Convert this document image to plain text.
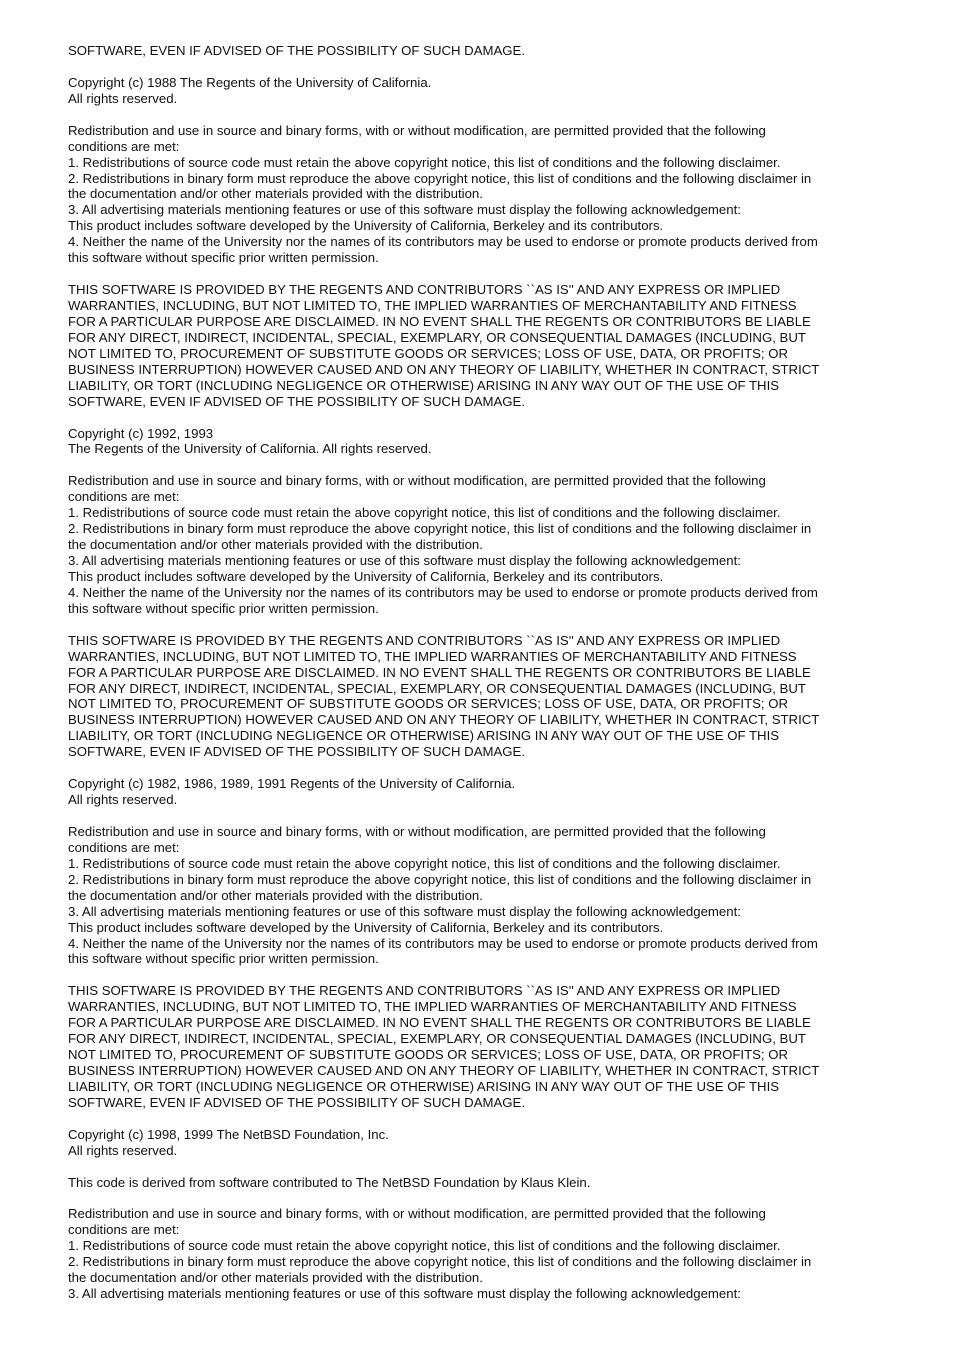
SOFTWARE, EVEN IF ADVISED OF THE POSSIBILITY OF SUCH DAMAGE.
Copyright (c) 1988 The Regents of the University of California.
All rights reserved.
Redistribution and use in source and binary forms, with or without modification, are permitted provided that the following
conditions are met:
1. Redistributions of source code must retain the above copyright notice, this list of conditions and the following disclaimer.
2. Redistributions in binary form must reproduce the above copyright notice, this list of conditions and the following disclaimer in
the documentation and/or other materials provided with the distribution.
3. All advertising materials mentioning features or use of this software must display the following acknowledgement:
This product includes software developed by the University of California, Berkeley and its contributors.
4. Neither the name of the University nor the names of its contributors may be used to endorse or promote products derived from
this software without specific prior written permission.
THIS SOFTWARE IS PROVIDED BY THE REGENTS AND CONTRIBUTORS ``AS IS'' AND ANY EXPRESS OR IMPLIED
WARRANTIES, INCLUDING, BUT NOT LIMITED TO, THE IMPLIED WARRANTIES OF MERCHANTABILITY AND FITNESS
FOR A PARTICULAR PURPOSE ARE DISCLAIMED. IN NO EVENT SHALL THE REGENTS OR CONTRIBUTORS BE LIABLE
FOR ANY DIRECT, INDIRECT, INCIDENTAL, SPECIAL, EXEMPLARY, OR CONSEQUENTIAL DAMAGES (INCLUDING, BUT
NOT LIMITED TO, PROCUREMENT OF SUBSTITUTE GOODS OR SERVICES; LOSS OF USE, DATA, OR PROFITS; OR
BUSINESS INTERRUPTION) HOWEVER CAUSED AND ON ANY THEORY OF LIABILITY, WHETHER IN CONTRACT, STRICT
LIABILITY, OR TORT (INCLUDING NEGLIGENCE OR OTHERWISE) ARISING IN ANY WAY OUT OF THE USE OF THIS
SOFTWARE, EVEN IF ADVISED OF THE POSSIBILITY OF SUCH DAMAGE.
Copyright (c) 1992, 1993
The Regents of the University of California. All rights reserved.
Redistribution and use in source and binary forms, with or without modification, are permitted provided that the following
conditions are met:
1. Redistributions of source code must retain the above copyright notice, this list of conditions and the following disclaimer.
2. Redistributions in binary form must reproduce the above copyright notice, this list of conditions and the following disclaimer in
the documentation and/or other materials provided with the distribution.
3. All advertising materials mentioning features or use of this software must display the following acknowledgement:
This product includes software developed by the University of California, Berkeley and its contributors.
4. Neither the name of the University nor the names of its contributors may be used to endorse or promote products derived from
this software without specific prior written permission.
THIS SOFTWARE IS PROVIDED BY THE REGENTS AND CONTRIBUTORS ``AS IS'' AND ANY EXPRESS OR IMPLIED
WARRANTIES, INCLUDING, BUT NOT LIMITED TO, THE IMPLIED WARRANTIES OF MERCHANTABILITY AND FITNESS
FOR A PARTICULAR PURPOSE ARE DISCLAIMED. IN NO EVENT SHALL THE REGENTS OR CONTRIBUTORS BE LIABLE
FOR ANY DIRECT, INDIRECT, INCIDENTAL, SPECIAL, EXEMPLARY, OR CONSEQUENTIAL DAMAGES (INCLUDING, BUT
NOT LIMITED TO, PROCUREMENT OF SUBSTITUTE GOODS OR SERVICES; LOSS OF USE, DATA, OR PROFITS; OR
BUSINESS INTERRUPTION) HOWEVER CAUSED AND ON ANY THEORY OF LIABILITY, WHETHER IN CONTRACT, STRICT
LIABILITY, OR TORT (INCLUDING NEGLIGENCE OR OTHERWISE) ARISING IN ANY WAY OUT OF THE USE OF THIS
SOFTWARE, EVEN IF ADVISED OF THE POSSIBILITY OF SUCH DAMAGE.
Copyright (c) 1982, 1986, 1989, 1991 Regents of the University of California.
All rights reserved.
Redistribution and use in source and binary forms, with or without modification, are permitted provided that the following
conditions are met:
1. Redistributions of source code must retain the above copyright notice, this list of conditions and the following disclaimer.
2. Redistributions in binary form must reproduce the above copyright notice, this list of conditions and the following disclaimer in
the documentation and/or other materials provided with the distribution.
3. All advertising materials mentioning features or use of this software must display the following acknowledgement:
This product includes software developed by the University of California, Berkeley and its contributors.
4. Neither the name of the University nor the names of its contributors may be used to endorse or promote products derived from
this software without specific prior written permission.
THIS SOFTWARE IS PROVIDED BY THE REGENTS AND CONTRIBUTORS ``AS IS'' AND ANY EXPRESS OR IMPLIED
WARRANTIES, INCLUDING, BUT NOT LIMITED TO, THE IMPLIED WARRANTIES OF MERCHANTABILITY AND FITNESS
FOR A PARTICULAR PURPOSE ARE DISCLAIMED. IN NO EVENT SHALL THE REGENTS OR CONTRIBUTORS BE LIABLE
FOR ANY DIRECT, INDIRECT, INCIDENTAL, SPECIAL, EXEMPLARY, OR CONSEQUENTIAL DAMAGES (INCLUDING, BUT
NOT LIMITED TO, PROCUREMENT OF SUBSTITUTE GOODS OR SERVICES; LOSS OF USE, DATA, OR PROFITS; OR
BUSINESS INTERRUPTION) HOWEVER CAUSED AND ON ANY THEORY OF LIABILITY, WHETHER IN CONTRACT, STRICT
LIABILITY, OR TORT (INCLUDING NEGLIGENCE OR OTHERWISE) ARISING IN ANY WAY OUT OF THE USE OF THIS
SOFTWARE, EVEN IF ADVISED OF THE POSSIBILITY OF SUCH DAMAGE.
Copyright (c) 1998, 1999 The NetBSD Foundation, Inc.
All rights reserved.
This code is derived from software contributed to The NetBSD Foundation by Klaus Klein.
Redistribution and use in source and binary forms, with or without modification, are permitted provided that the following
conditions are met:
1. Redistributions of source code must retain the above copyright notice, this list of conditions and the following disclaimer.
2. Redistributions in binary form must reproduce the above copyright notice, this list of conditions and the following disclaimer in
the documentation and/or other materials provided with the distribution.
3. All advertising materials mentioning features or use of this software must display the following acknowledgement:
